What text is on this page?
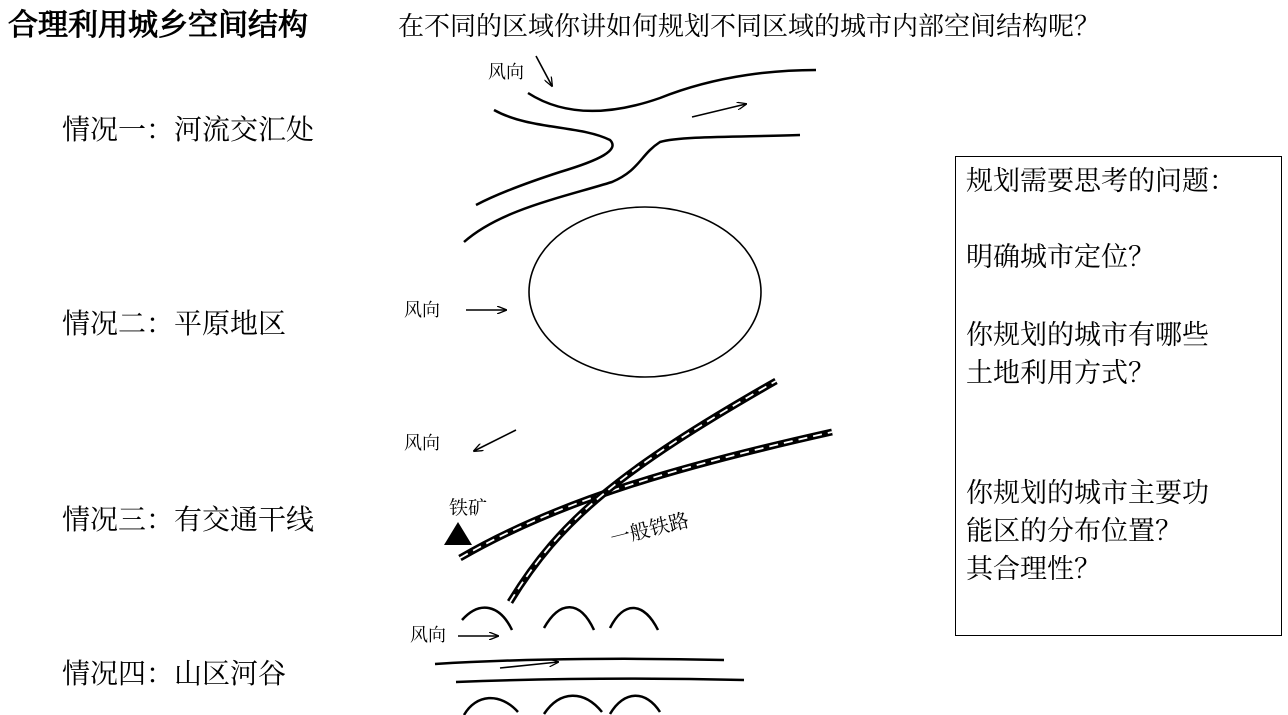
合理利用城乡空间结构	在不同的区域你讲如何规划不同区域的城市内部空间结构呢？
情况一：河流交汇处
情况二：平原地区
情况三：有交通干线
情况四：山区河谷
风向
风向
风向
风向
铁矿	一般铁路
规划需要思考的问题：
明确城市定位？
你规划的城市有哪些
土地利用方式？
你规划的城市主要功
能区的分布位置？
其合理性？
